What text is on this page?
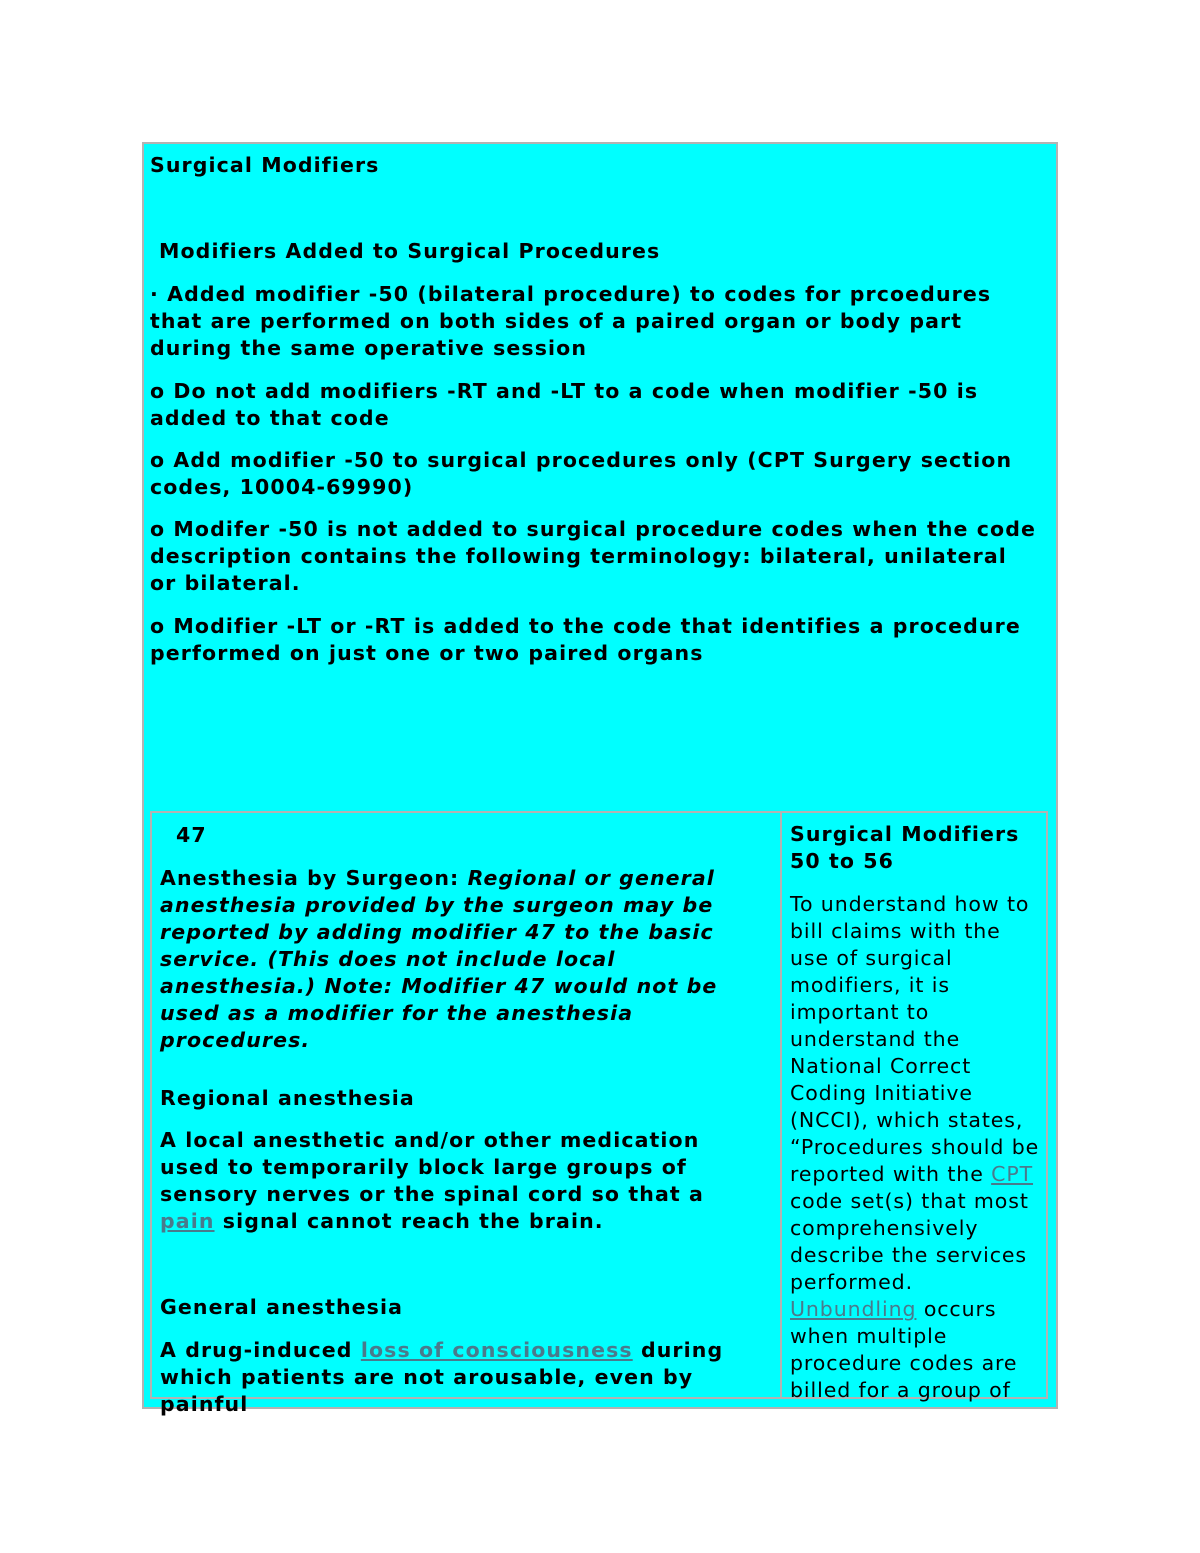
Surgical Modifiers

Modifiers Added to Surgical Procedures

· Added modifier -50 (bilateral procedure) to codes for prcoedures that are performed on both sides of a paired organ or body part during the same operative session

o Do not add modifiers -RT and -LT to a code when modifier -50 is added to that code

o Add modifier -50 to surgical procedures only (CPT Surgery section codes, 10004-69990)

o Modifer -50 is not added to surgical procedure codes when the code description contains the following terminology: bilateral, unilateral or bilateral.

o Modifier -LT or -RT is added to the code that identifies a procedure performed on just one or two paired organs

47

Anesthesia by Surgeon: Regional or general anesthesia provided by the surgeon may be reported by adding modifier 47 to the basic service. (This does not include local anesthesia.) Note: Modifier 47 would not be used as a modifier for the anesthesia procedures.

Regional anesthesia

A local anesthetic and/or other medication used to temporarily block large groups of sensory nerves or the spinal cord so that a pain signal cannot reach the brain.

General anesthesia

A drug-induced loss of consciousness during which patients are not arousable, even by painful

Surgical Modifiers 50 to 56

To understand how to bill claims with the use of surgical modifiers, it is important to understand the National Correct Coding Initiative (NCCI), which states, “Procedures should be reported with the CPT code set(s) that most comprehensively describe the services performed. Unbundling occurs when multiple procedure codes are billed for a group of
